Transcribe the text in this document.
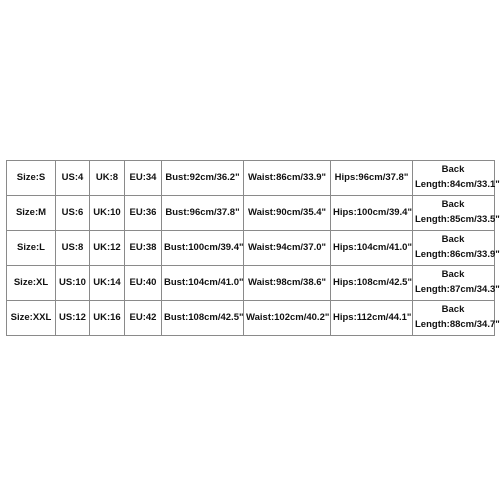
Size:S	US:4	UK:8	EU:34	Bust:92cm/36.2"	Waist:86cm/33.9"	Hips:96cm/37.8"	Back
Length:84cm/33.1"

Size:M	US:6	UK:10	EU:36	Bust:96cm/37.8"	Waist:90cm/35.4"	Hips:100cm/39.4"	Back
Length:85cm/33.5"

Size:L	US:8	UK:12	EU:38	Bust:100cm/39.4"	Waist:94cm/37.0"	Hips:104cm/41.0"	Back
Length:86cm/33.9"

Size:XL	US:10	UK:14	EU:40	Bust:104cm/41.0"	Waist:98cm/38.6"	Hips:108cm/42.5"	Back
Length:87cm/34.3"

Size:XXL	US:12	UK:16	EU:42	Bust:108cm/42.5"	Waist:102cm/40.2"	Hips:112cm/44.1"	Back
Length:88cm/34.7"
